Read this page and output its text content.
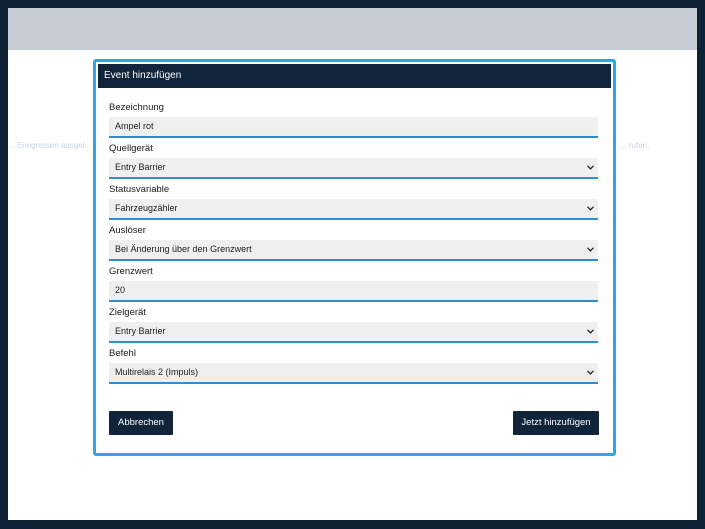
... Ereignissen ausgel...	... rufen.
Event hinzufügen
Bezeichnung
Ampel rot
Quellgerät
Entry Barrier
Statusvariable
Fahrzeugzähler
Auslöser
Bei Änderung über den Grenzwert
Grenzwert
20
Zielgerät
Entry Barrier
Befehl
Multirelais 2 (Impuls)
Abbrechen	Jetzt hinzufügen
